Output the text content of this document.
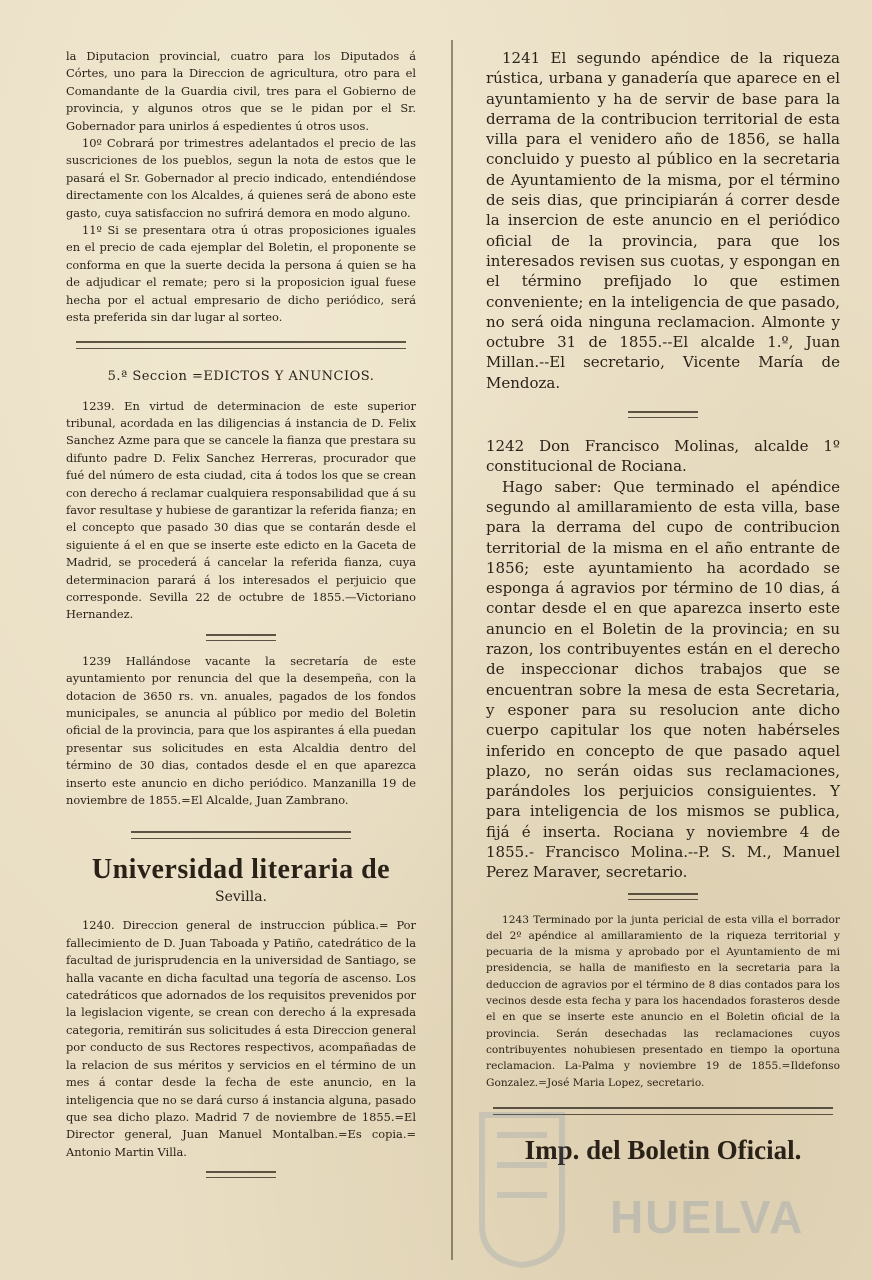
la Diputacion provincial, cuatro para los Diputados á Córtes, uno para la Direccion de agricultura, otro para el Comandante de la Guardia civil, tres para el Gobierno de provincia, y algunos otros que se le pidan por el Sr. Gobernador para unirlos á espedientes ú otros usos.

10º Cobrará por trimestres adelantados el precio de las suscriciones de los pueblos, segun la nota de estos que le pasará el Sr. Gobernador al precio indicado, entendiéndose directamente con los Alcaldes, á quienes será de abono este gasto, cuya satisfaccion no sufrirá demora en modo alguno.

11º Si se presentara otra ú otras proposiciones iguales en el precio de cada ejemplar del Boletin, el proponente se conforma en que la suerte decida la persona á quien se ha de adjudicar el remate; pero si la proposicion igual fuese hecha por el actual empresario de dicho periódico, será esta preferida sin dar lugar al sorteo.

5.ª Seccion =EDICTOS Y ANUNCIOS.

1239. En virtud de determinacion de este superior tribunal, acordada en las diligencias á instancia de D. Felix Sanchez Azme para que se cancele la fianza que prestara su difunto padre D. Felix Sanchez Herreras, procurador que fué del número de esta ciudad, cita á todos los que se crean con derecho á reclamar cualquiera responsabilidad que á su favor resultase y hubiese de garantizar la referida fianza; en el concepto que pasado 30 dias que se contarán desde el siguiente á el en que se inserte este edicto en la Gaceta de Madrid, se procederá á cancelar la referida fianza, cuya determinacion parará á los interesados el perjuicio que corresponde. Sevilla 22 de octubre de 1855.—Victoriano Hernandez.

1239 Hallándose vacante la secretaría de este ayuntamiento por renuncia del que la desempeña, con la dotacion de 3650 rs. vn. anuales, pagados de los fondos municipales, se anuncia al público por medio del Boletin oficial de la provincia, para que los aspirantes á ella puedan presentar sus solicitudes en esta Alcaldia dentro del término de 30 dias, contados desde el en que aparezca inserto este anuncio en dicho periódico. Manzanilla 19 de noviembre de 1855.=El Alcalde, Juan Zambrano.

Universidad literaria de

Sevilla.

1240. Direccion general de instruccion pública.= Por fallecimiento de D. Juan Taboada y Patiño, catedrático de la facultad de jurisprudencia en la universidad de Santiago, se halla vacante en dicha facultad una tegoría de ascenso. Los catedráticos que adornados de los requisitos prevenidos por la legislacion vigente, se crean con derecho á la expresada categoria, remitirán sus solicitudes á esta Direccion general por conducto de sus Rectores respectivos, acompañadas de la relacion de sus méritos y servicios en el término de un mes á contar desde la fecha de este anuncio, en la inteligencia que no se dará curso á instancia alguna, pasado que sea dicho plazo. Madrid 7 de noviembre de 1855.=El Director general, Juan Manuel Montalban.=Es copia.= Antonio Martin Villa.

1241 El segundo apéndice de la riqueza rústica, urbana y ganadería que aparece en el ayuntamiento y ha de servir de base para la derrama de la contribucion territorial de esta villa para el venidero año de 1856, se halla concluido y puesto al público en la secretaria de Ayuntamiento de la misma, por el término de seis dias, que principiarán á correr desde la insercion de este anuncio en el periódico oficial de la provincia, para que los interesados revisen sus cuotas, y espongan en el término prefijado lo que estimen conveniente; en la inteligencia de que pasado, no será oida ninguna reclamacion. Almonte y octubre 31 de 1855.--El alcalde 1.º, Juan Millan.--El secretario, Vicente María de Mendoza.

1242 Don Francisco Molinas, alcalde 1º constitucional de Rociana.

Hago saber: Que terminado el apéndice segundo al amillaramiento de esta villa, base para la derrama del cupo de contribucion territorial de la misma en el año entrante de 1856; este ayuntamiento ha acordado se esponga á agravios por término de 10 dias, á contar desde el en que aparezca inserto este anuncio en el Boletin de la provincia; en su razon, los contribuyentes están en el derecho de inspeccionar dichos trabajos que se encuentran sobre la mesa de esta Secretaria, y esponer para su resolucion ante dicho cuerpo capitular los que noten habérseles inferido en concepto de que pasado aquel plazo, no serán oidas sus reclamaciones, parándoles los perjuicios consiguientes. Y para inteligencia de los mismos se publica, fijá é inserta. Rociana y noviembre 4 de 1855.- Francisco Molina.--P. S. M., Manuel Perez Maraver, secretario.

1243 Terminado por la junta pericial de esta villa el borrador del 2º apéndice al amillaramiento de la riqueza territorial y pecuaria de la misma y aprobado por el Ayuntamiento de mi presidencia, se halla de manifiesto en la secretaria para la deduccion de agravios por el término de 8 dias contados para los vecinos desde esta fecha y para los hacendados forasteros desde el en que se inserte este anuncio en el Boletin oficial de la provincia. Serán desechadas las reclamaciones cuyos contribuyentes nohubiesen presentado en tiempo la oportuna reclamacion. La-Palma y noviembre 19 de 1855.=Ildefonso Gonzalez.=José Maria Lopez, secretario.

Imp. del Boletin Oficial.

HUELVA
